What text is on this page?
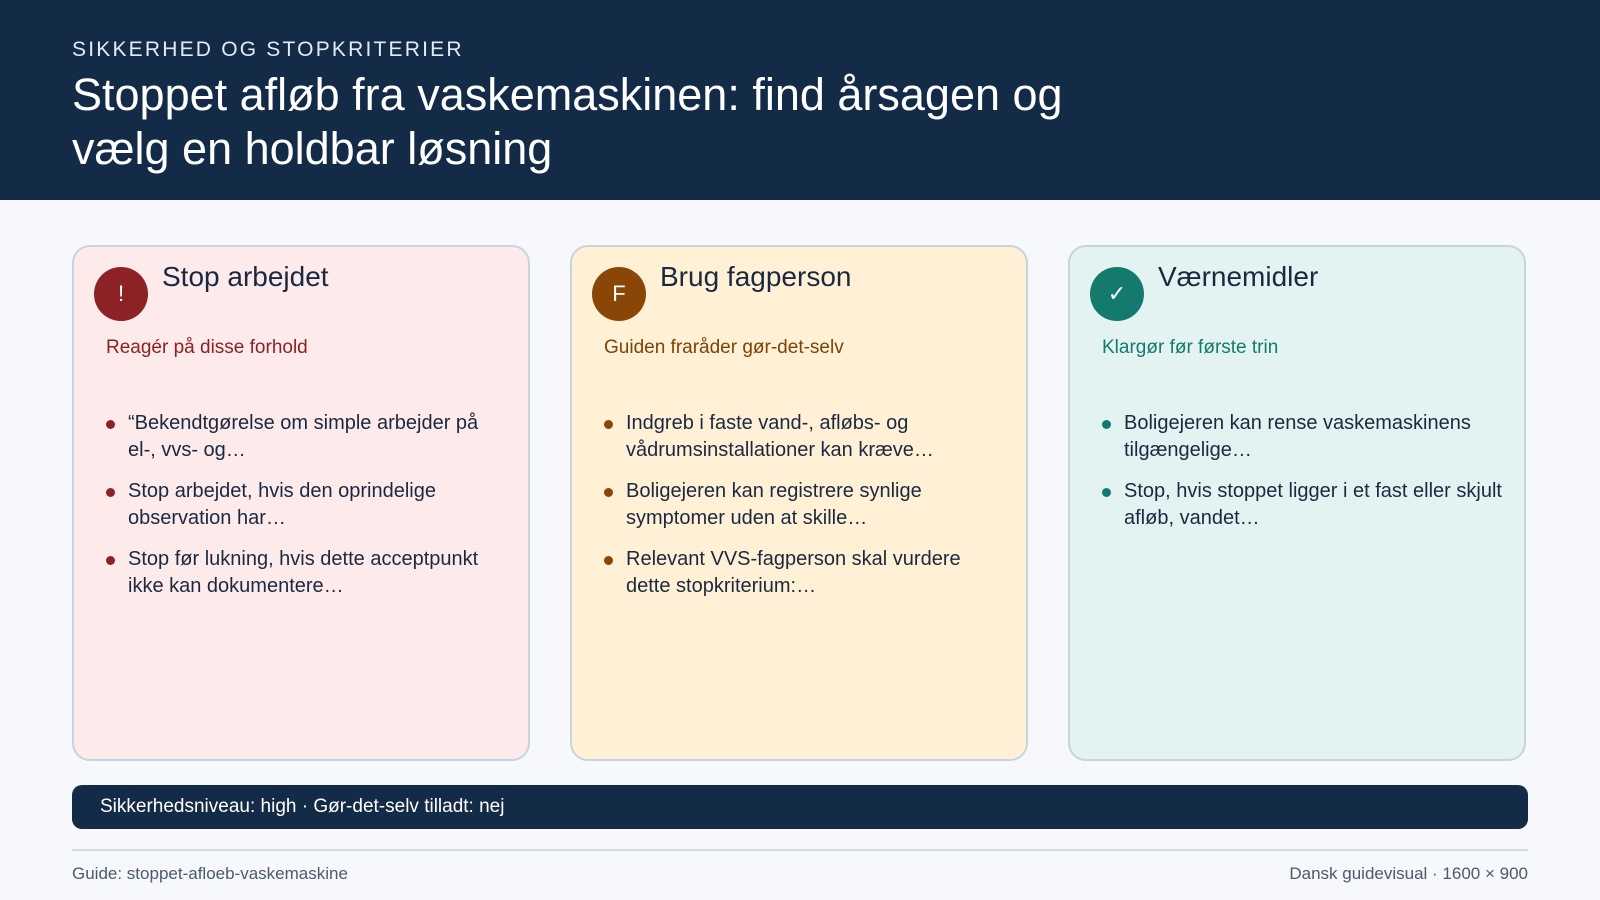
SIKKERHED OG STOPKRITERIER
Stoppet afløb fra vaskemaskinen: find årsagen og vælg en holdbar løsning
!
Stop arbejdet
Reagér på disse forhold
“Bekendtgørelse om simple arbejder på el-, vvs- og…
Stop arbejdet, hvis den oprindelige observation har…
Stop før lukning, hvis dette acceptpunkt ikke kan dokumentere…
F
Brug fagperson
Guiden fraråder gør-det-selv
Indgreb i faste vand-, afløbs- og vådrumsinstallationer kan kræve…
Boligejeren kan registrere synlige symptomer uden at skille…
Relevant VVS-fagperson skal vurdere dette stopkriterium:…
✓
Værnemidler
Klargør før første trin
Boligejeren kan rense vaskemaskinens tilgængelige…
Stop, hvis stoppet ligger i et fast eller skjult afløb, vandet…
Sikkerhedsniveau: high · Gør-det-selv tilladt: nej
Guide: stoppet-afloeb-vaskemaskine	Dansk guidevisual · 1600 × 900
